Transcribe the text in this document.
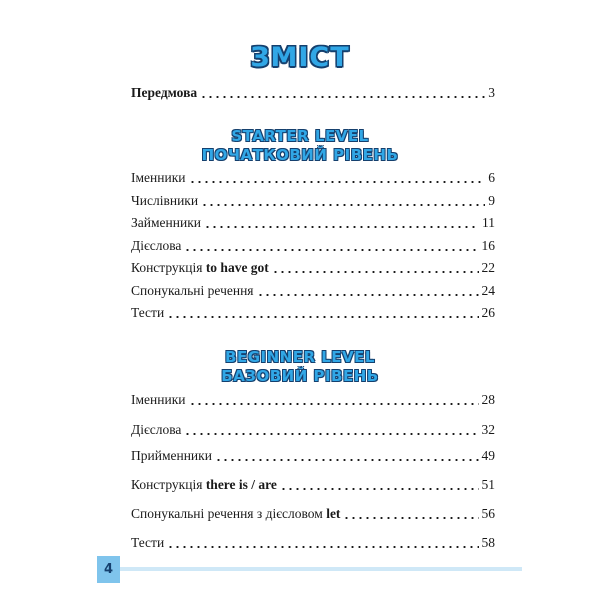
ЗМІСТ
Передмова	3
STARTER LEVEL
ПОЧАТКОВИЙ РІВЕНЬ
Іменники	6
Числівники	9
Займенники	11
Дієслова	16
Конструкція to have got	22
Спонукальні речення	24
Тести	26
BEGINNER LEVEL
БАЗОВИЙ РІВЕНЬ
Іменники	28
Дієслова	32
Прийменники	49
Конструкція there is / are	51
Спонукальні речення з дієсловом let	56
Тести	58
4
